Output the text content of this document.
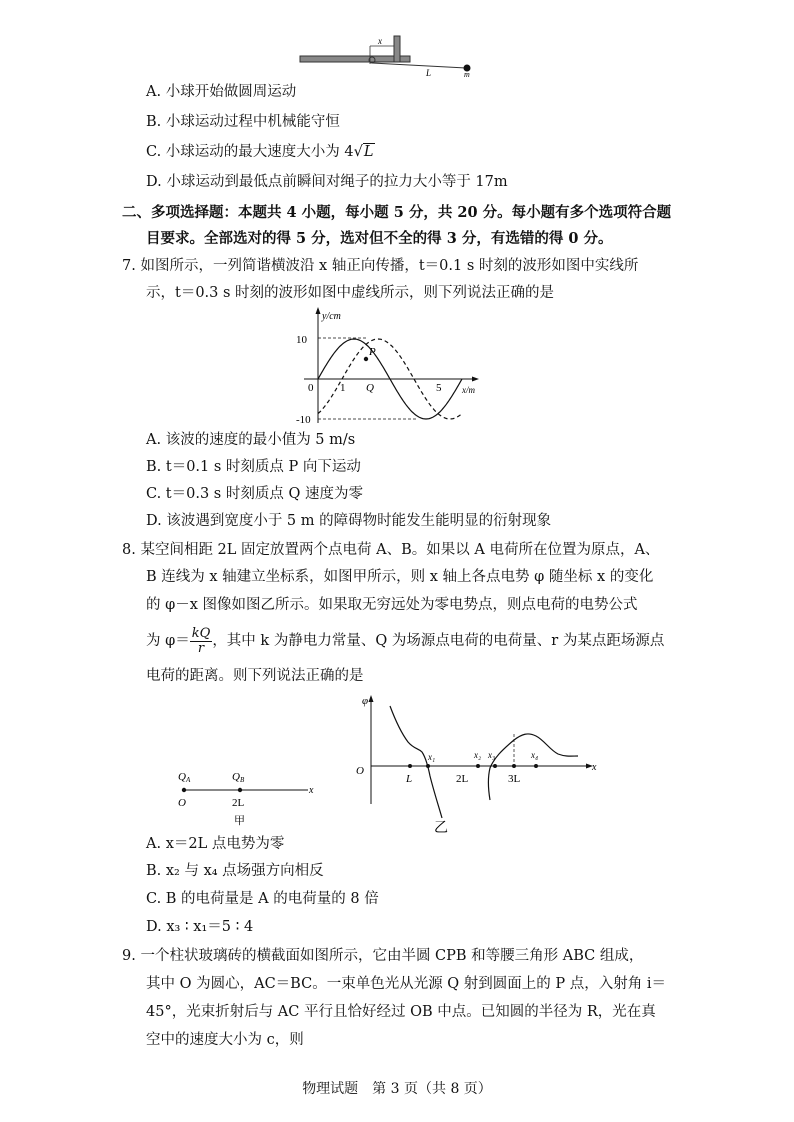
x
L	m
A. 小球开始做圆周运动
B. 小球运动过程中机械能守恒
C. 小球运动的最大速度大小为 4√L
D. 小球运动到最低点前瞬间对绳子的拉力大小等于 17m
二、多项选择题：本题共 4 小题，每小题 5 分，共 20 分。每小题有多个选项符合题
目要求。全部选对的得 5 分，选对但不全的得 3 分，有选错的得 0 分。
7. 如图所示，一列简谐横波沿 x 轴正向传播，t＝0.1 s 时刻的波形如图中实线所
示，t＝0.3 s 时刻的波形如图中虚线所示，则下列说法正确的是
10
-10
0 1	5
P
Q
y/cm
x/m
A. 该波的速度的最小值为 5 m/s
B. t＝0.1 s 时刻质点 P 向下运动
C. t＝0.3 s 时刻质点 Q 速度为零
D. 该波遇到宽度小于 5 m 的障碍物时能发生能明显的衍射现象
8. 某空间相距 2L 固定放置两个点电荷 A、B。如果以 A 电荷所在位置为原点，A、
B 连线为 x 轴建立坐标系，如图甲所示，则 x 轴上各点电势 φ 随坐标 x 的变化
的 φ－x 图像如图乙所示。如果取无穷远处为零电势点，则点电荷的电势公式
为 $\varphi= \frac{kQ}{r}$ ，其中 k 为静电力常量、Q 为场源点电荷的电荷量、r 为某点距场源点
电荷的距离。则下列说法正确的是
QA	QB
O	2L
x
甲
φ
O
L	2L	3L
x
x₁	x₂ x₃	x₄
乙
A. x＝2L 点电势为零
B. x₂ 与 x₄ 点场强方向相反
C. B 的电荷量是 A 的电荷量的 8 倍
D. x₃ ∶ x₁＝5 ∶ 4
9. 一个柱状玻璃砖的横截面如图所示，它由半圆 CPB 和等腰三角形 ABC 组成，
其中 O 为圆心，AC＝BC。一束单色光从光源 Q 射到圆面上的 P 点，入射角 i＝
45°，光束折射后与 AC 平行且恰好经过 OB 中点。已知圆的半径为 R，光在真
空中的速度大小为 c，则
物理试题　第 3 页（共 8 页）
